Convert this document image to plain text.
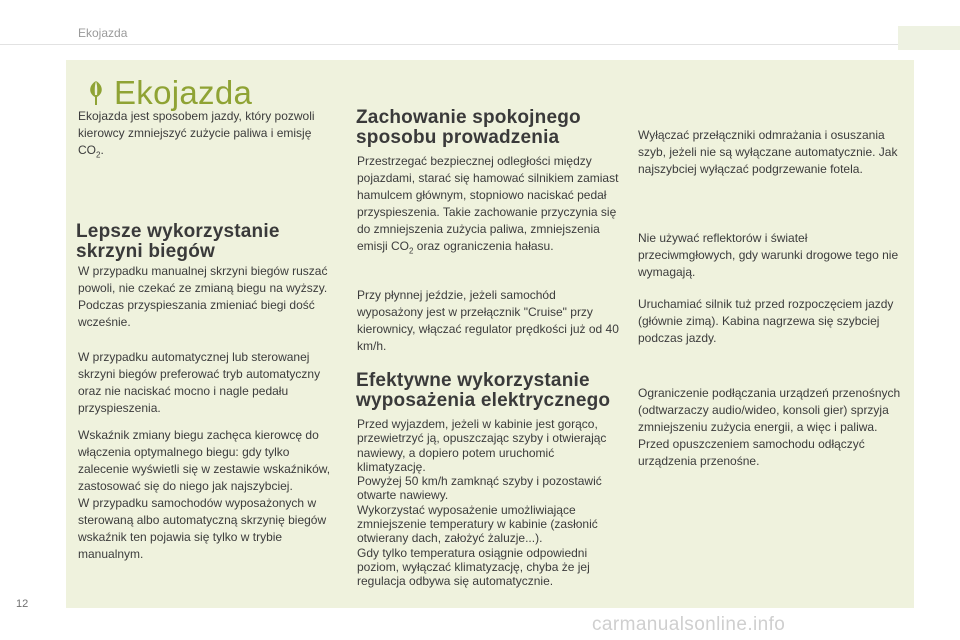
Ekojazda
Ekojazda

Ekojazda jest sposobem jazdy, który pozwoli kierowcy zmniejszyć zużycie paliwa i emisję $CO_2$.

Lepsze wykorzystanie
skrzyni biegów

W przypadku manualnej skrzyni biegów ruszać powoli, nie czekać ze zmianą biegu na wyższy. Podczas przyspieszania zmieniać biegi dość wcześnie.

W przypadku automatycznej lub sterowanej skrzyni biegów preferować tryb automatyczny oraz nie naciskać mocno i nagle pedału przyspieszenia.

Wskaźnik zmiany biegu zachęca kierowcę do włączenia optymalnego biegu: gdy tylko zalecenie wyświetli się w zestawie wskaźników, zastosować się do niego jak najszybciej.

W przypadku samochodów wyposażonych w sterowaną albo automatyczną skrzynię biegów wskaźnik ten pojawia się tylko w trybie manualnym.

Zachowanie spokojnego
sposobu prowadzenia

Przestrzegać bezpiecznej odległości między pojazdami, starać się hamować silnikiem zamiast hamulcem głównym, stopniowo naciskać pedał przyspieszenia. Takie zachowanie przyczynia się do zmniejszenia zużycia paliwa, zmniejszenia emisji $CO_2$ oraz ograniczenia hałasu.

Przy płynnej jeździe, jeżeli samochód wyposażony jest w przełącznik "Cruise" przy kierownicy, włączać regulator prędkości już od 40 km/h.

Efektywne wykorzystanie
wyposażenia elektrycznego

Przed wyjazdem, jeżeli w kabinie jest gorąco, przewietrzyć ją, opuszczając szyby i otwierając nawiewy, a dopiero potem uruchomić klimatyzację.

Powyżej 50 km/h zamknąć szyby i pozostawić otwarte nawiewy.

Wykorzystać wyposażenie umożliwiające zmniejszenie temperatury w kabinie (zasłonić otwierany dach, założyć żaluzje...).

Gdy tylko temperatura osiągnie odpowiedni poziom, wyłączać klimatyzację, chyba że jej regulacja odbywa się automatycznie.

Wyłączać przełączniki odmrażania i osuszania szyb, jeżeli nie są wyłączane automatycznie. Jak najszybciej wyłączać podgrzewanie fotela.

Nie używać reflektorów i świateł przeciwmgłowych, gdy warunki drogowe tego nie wymagają.

Uruchamiać silnik tuż przed rozpoczęciem jazdy (głównie zimą). Kabina nagrzewa się szybciej podczas jazdy.

Ograniczenie podłączania urządzeń przenośnych (odtwarzaczy audio/wideo, konsoli gier) sprzyja zmniejszeniu zużycia energii, a więc i paliwa.

Przed opuszczeniem samochodu odłączyć urządzenia przenośne.

12
carmanualsonline.info
